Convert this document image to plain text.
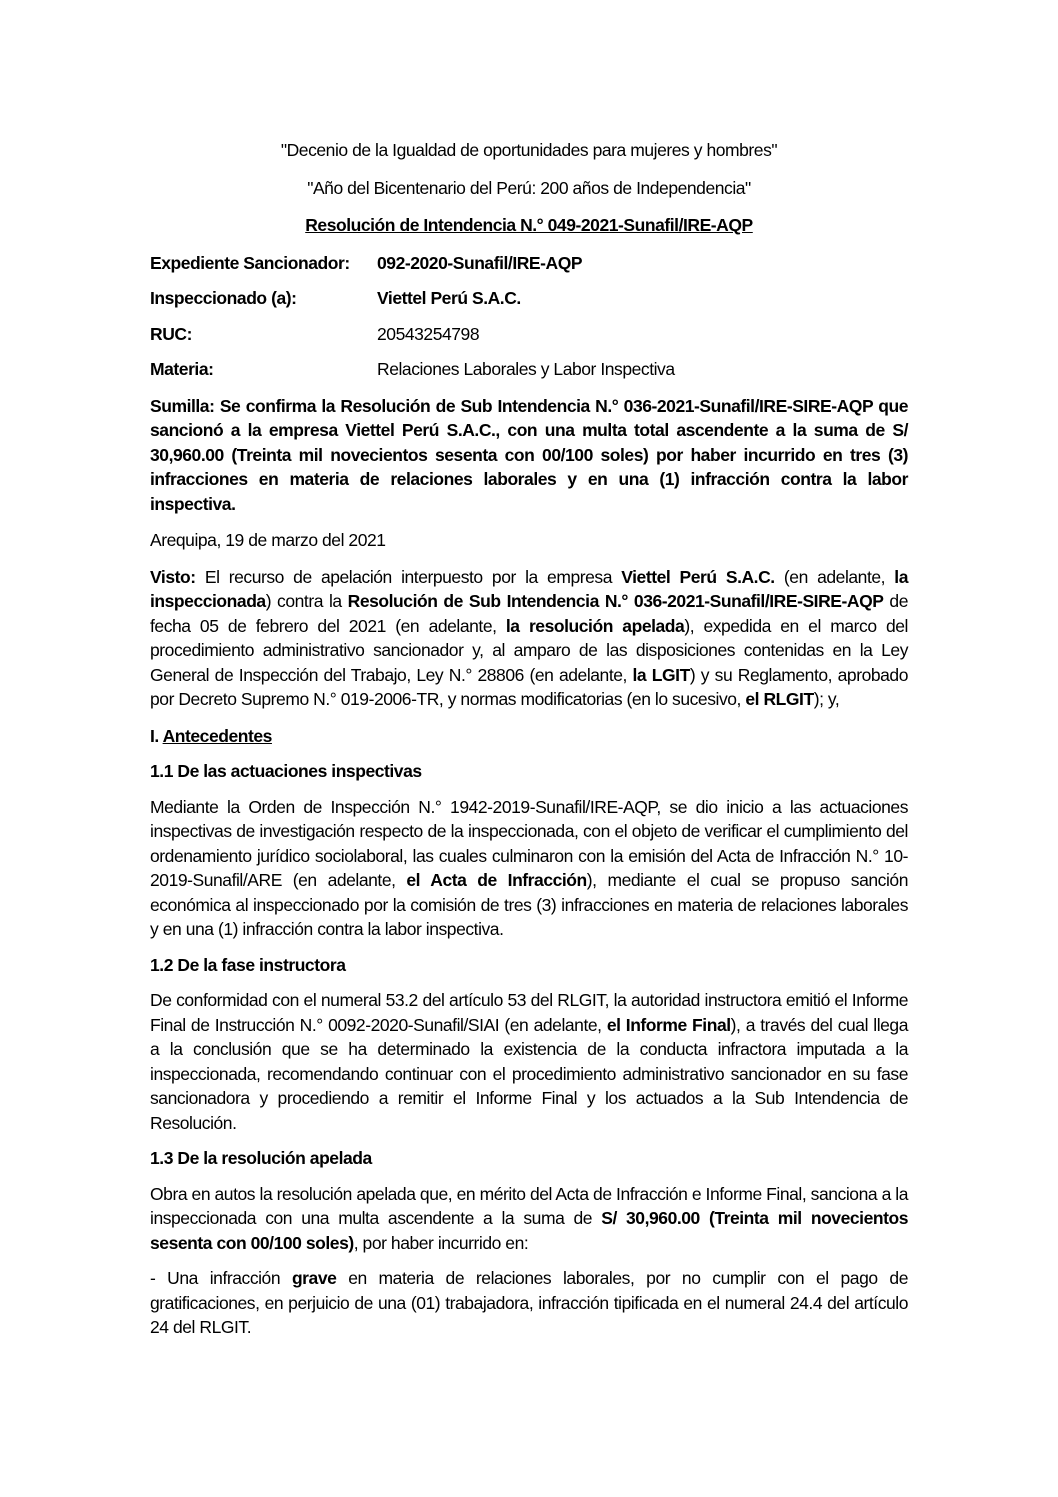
"Decenio de la Igualdad de oportunidades para mujeres y hombres"

"Año del Bicentenario del Perú: 200 años de Independencia"

Resolución de Intendencia N.° 049-2021-Sunafil/IRE-AQP

Expediente Sancionador:	092-2020-Sunafil/IRE-AQP
Inspeccionado (a):	Viettel Perú S.A.C.
RUC:	20543254798
Materia:	Relaciones Laborales y Labor Inspectiva

Sumilla: Se confirma la Resolución de Sub Intendencia N.° 036-2021-Sunafil/IRE-SIRE-AQP que sancionó a la empresa Viettel Perú S.A.C., con una multa total ascendente a la suma de S/ 30,960.00 (Treinta mil novecientos sesenta con 00/100 soles) por haber incurrido en tres (3) infracciones en materia de relaciones laborales y en una (1) infracción contra la labor inspectiva.

Arequipa, 19 de marzo del 2021

Visto: El recurso de apelación interpuesto por la empresa Viettel Perú S.A.C. (en adelante, la inspeccionada) contra la Resolución de Sub Intendencia N.° 036-2021-Sunafil/IRE-SIRE-AQP de fecha 05 de febrero del 2021 (en adelante, la resolución apelada), expedida en el marco del procedimiento administrativo sancionador y, al amparo de las disposiciones contenidas en la Ley General de Inspección del Trabajo, Ley N.° 28806 (en adelante, la LGIT) y su Reglamento, aprobado por Decreto Supremo N.° 019-2006-TR, y normas modificatorias (en lo sucesivo, el RLGIT); y,

I. Antecedentes

1.1 De las actuaciones inspectivas

Mediante la Orden de Inspección N.° 1942-2019-Sunafil/IRE-AQP, se dio inicio a las actuaciones inspectivas de investigación respecto de la inspeccionada, con el objeto de verificar el cumplimiento del ordenamiento jurídico sociolaboral, las cuales culminaron con la emisión del Acta de Infracción N.° 10-2019-Sunafil/ARE (en adelante, el Acta de Infracción), mediante el cual se propuso sanción económica al inspeccionado por la comisión de tres (3) infracciones en materia de relaciones laborales y en una (1) infracción contra la labor inspectiva.

1.2 De la fase instructora

De conformidad con el numeral 53.2 del artículo 53 del RLGIT, la autoridad instructora emitió el Informe Final de Instrucción N.° 0092-2020-Sunafil/SIAI (en adelante, el Informe Final), a través del cual llega a la conclusión que se ha determinado la existencia de la conducta infractora imputada a la inspeccionada, recomendando continuar con el procedimiento administrativo sancionador en su fase sancionadora y procediendo a remitir el Informe Final y los actuados a la Sub Intendencia de Resolución.

1.3 De la resolución apelada

Obra en autos la resolución apelada que, en mérito del Acta de Infracción e Informe Final, sanciona a la inspeccionada con una multa ascendente a la suma de S/ 30,960.00 (Treinta mil novecientos sesenta con 00/100 soles), por haber incurrido en:

- Una infracción grave en materia de relaciones laborales, por no cumplir con el pago de gratificaciones, en perjuicio de una (01) trabajadora, infracción tipificada en el numeral 24.4 del artículo 24 del RLGIT.
